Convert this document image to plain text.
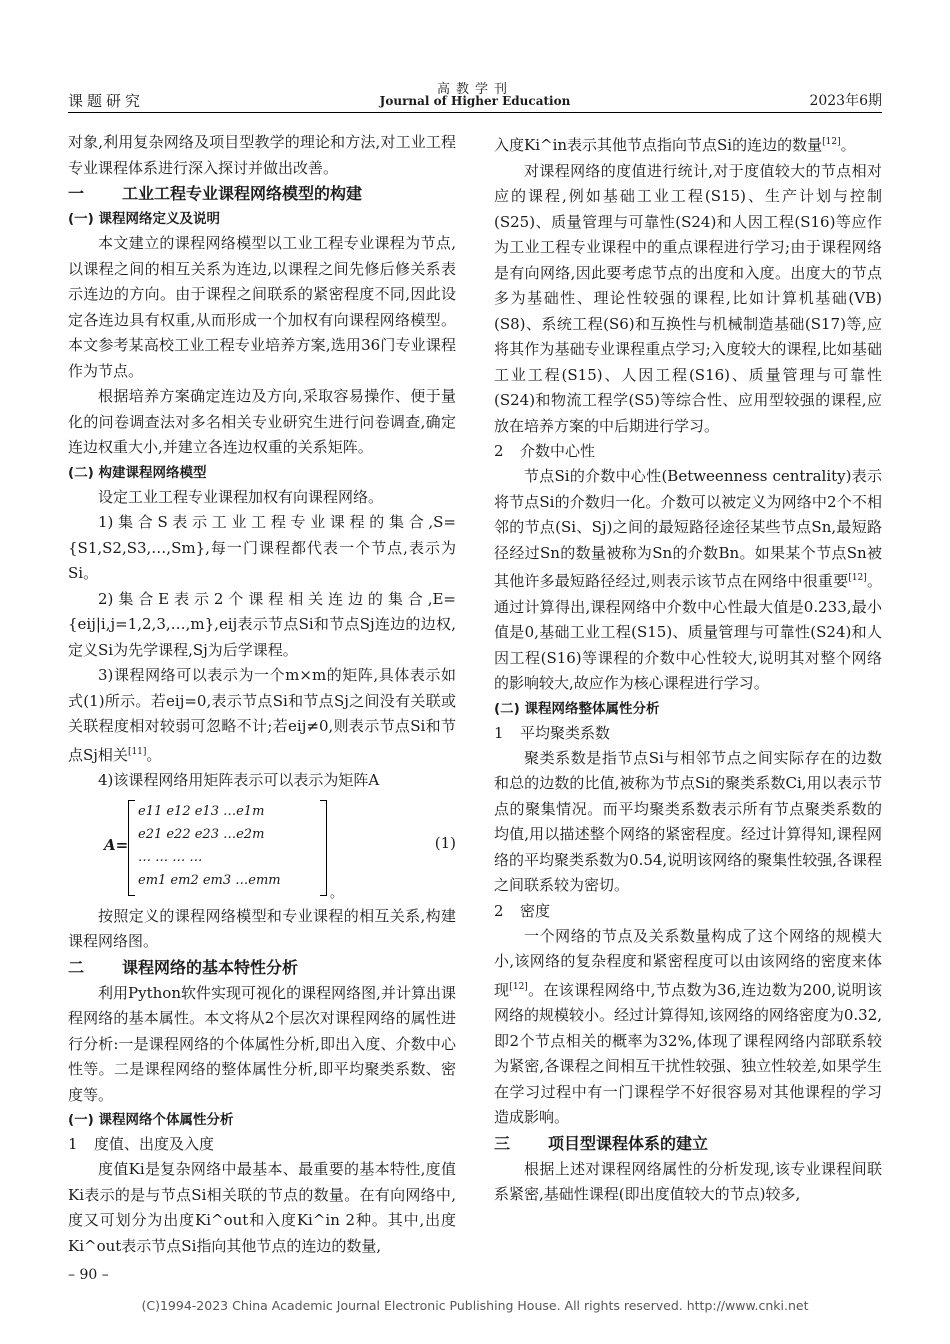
课题研究
高教学刊
Journal of Higher Education	2023年6期

对象,利用复杂网络及项目型教学的理论和方法,对工业工程专业课程体系进行深入探讨并做出改善。

一 工业工程专业课程网络模型的构建

(一) 课程网络定义及说明

本文建立的课程网络模型以工业工程专业课程为节点,以课程之间的相互关系为连边,以课程之间先修后修关系表示连边的方向。由于课程之间联系的紧密程度不同,因此设定各连边具有权重,从而形成一个加权有向课程网络模型。本文参考某高校工业工程专业培养方案,选用36门专业课程作为节点。

根据培养方案确定连边及方向,采取容易操作、便于量化的问卷调查法对多名相关专业研究生进行问卷调查,确定连边权重大小,并建立各连边权重的关系矩阵。

(二) 构建课程网络模型

设定工业工程专业课程加权有向课程网络。

1)集合S表示工业工程专业课程的集合,S={S1,S2,S3,…,Sm},每一门课程都代表一个节点,表示为Si。

2)集合E表示2个课程相关连边的集合,E={eij|i,j=1,2,3,…,m},eij表示节点Si和节点Sj连边的边权,定义Si为先学课程,Sj为后学课程。

3)课程网络可以表示为一个m×m的矩阵,具体表示如式(1)所示。若eij=0,表示节点Si和节点Sj之间没有关联或关联程度相对较弱可忽略不计;若eij≠0,则表示节点Si和节点Sj相关[11]。

4)该课程网络用矩阵表示可以表示为矩阵A

A=
e11 e12 e13 …e1m
e21 e22 e23 …e2m
… … … …
em1 em2 em3 …emm
。
(1)

按照定义的课程网络模型和专业课程的相互关系,构建课程网络图。

二 课程网络的基本特性分析

利用Python软件实现可视化的课程网络图,并计算出课程网络的基本属性。本文将从2个层次对课程网络的属性进行分析:一是课程网络的个体属性分析,即出入度、介数中心性等。二是课程网络的整体属性分析,即平均聚类系数、密度等。

(一) 课程网络个体属性分析

1 度值、出度及入度

度值Ki是复杂网络中最基本、最重要的基本特性,度值Ki表示的是与节点Si相关联的节点的数量。在有向网络中,度又可划分为出度Ki^out和入度Ki^in 2种。其中,出度Ki^out表示节点Si指向其他节点的连边的数量,

入度Ki^in表示其他节点指向节点Si的连边的数量[12]。

对课程网络的度值进行统计,对于度值较大的节点相对应的课程,例如基础工业工程(S15)、生产计划与控制(S25)、质量管理与可靠性(S24)和人因工程(S16)等应作为工业工程专业课程中的重点课程进行学习;由于课程网络是有向网络,因此要考虑节点的出度和入度。出度大的节点多为基础性、理论性较强的课程,比如计算机基础(VB)(S8)、系统工程(S6)和互换性与机械制造基础(S17)等,应将其作为基础专业课程重点学习;入度较大的课程,比如基础工业工程(S15)、人因工程(S16)、质量管理与可靠性(S24)和物流工程学(S5)等综合性、应用型较强的课程,应放在培养方案的中后期进行学习。

2 介数中心性

节点Si的介数中心性(Betweenness centrality)表示将节点Si的介数归一化。介数可以被定义为网络中2个不相邻的节点(Si、Sj)之间的最短路径途径某些节点Sn,最短路径经过Sn的数量被称为Sn的介数Bn。如果某个节点Sn被其他许多最短路径经过,则表示该节点在网络中很重要[12]。通过计算得出,课程网络中介数中心性最大值是0.233,最小值是0,基础工业工程(S15)、质量管理与可靠性(S24)和人因工程(S16)等课程的介数中心性较大,说明其对整个网络的影响较大,故应作为核心课程进行学习。

(二) 课程网络整体属性分析

1 平均聚类系数

聚类系数是指节点Si与相邻节点之间实际存在的边数和总的边数的比值,被称为节点Si的聚类系数Ci,用以表示节点的聚集情况。而平均聚类系数表示所有节点聚类系数的均值,用以描述整个网络的紧密程度。经过计算得知,课程网络的平均聚类系数为0.54,说明该网络的聚集性较强,各课程之间联系较为密切。

2 密度

一个网络的节点及关系数量构成了这个网络的规模大小,该网络的复杂程度和紧密程度可以由该网络的密度来体现[12]。在该课程网络中,节点数为36,连边数为200,说明该网络的规模较小。经过计算得知,该网络的网络密度为0.32,即2个节点相关的概率为32%,体现了课程网络内部联系较为紧密,各课程之间相互干扰性较强、独立性较差,如果学生在学习过程中有一门课程学不好很容易对其他课程的学习造成影响。

三 项目型课程体系的建立

根据上述对课程网络属性的分析发现,该专业课程间联系紧密,基础性课程(即出度值较大的节点)较多,

– 90 –
(C)1994-2023 China Academic Journal Electronic Publishing House. All rights reserved. http://www.cnki.net
